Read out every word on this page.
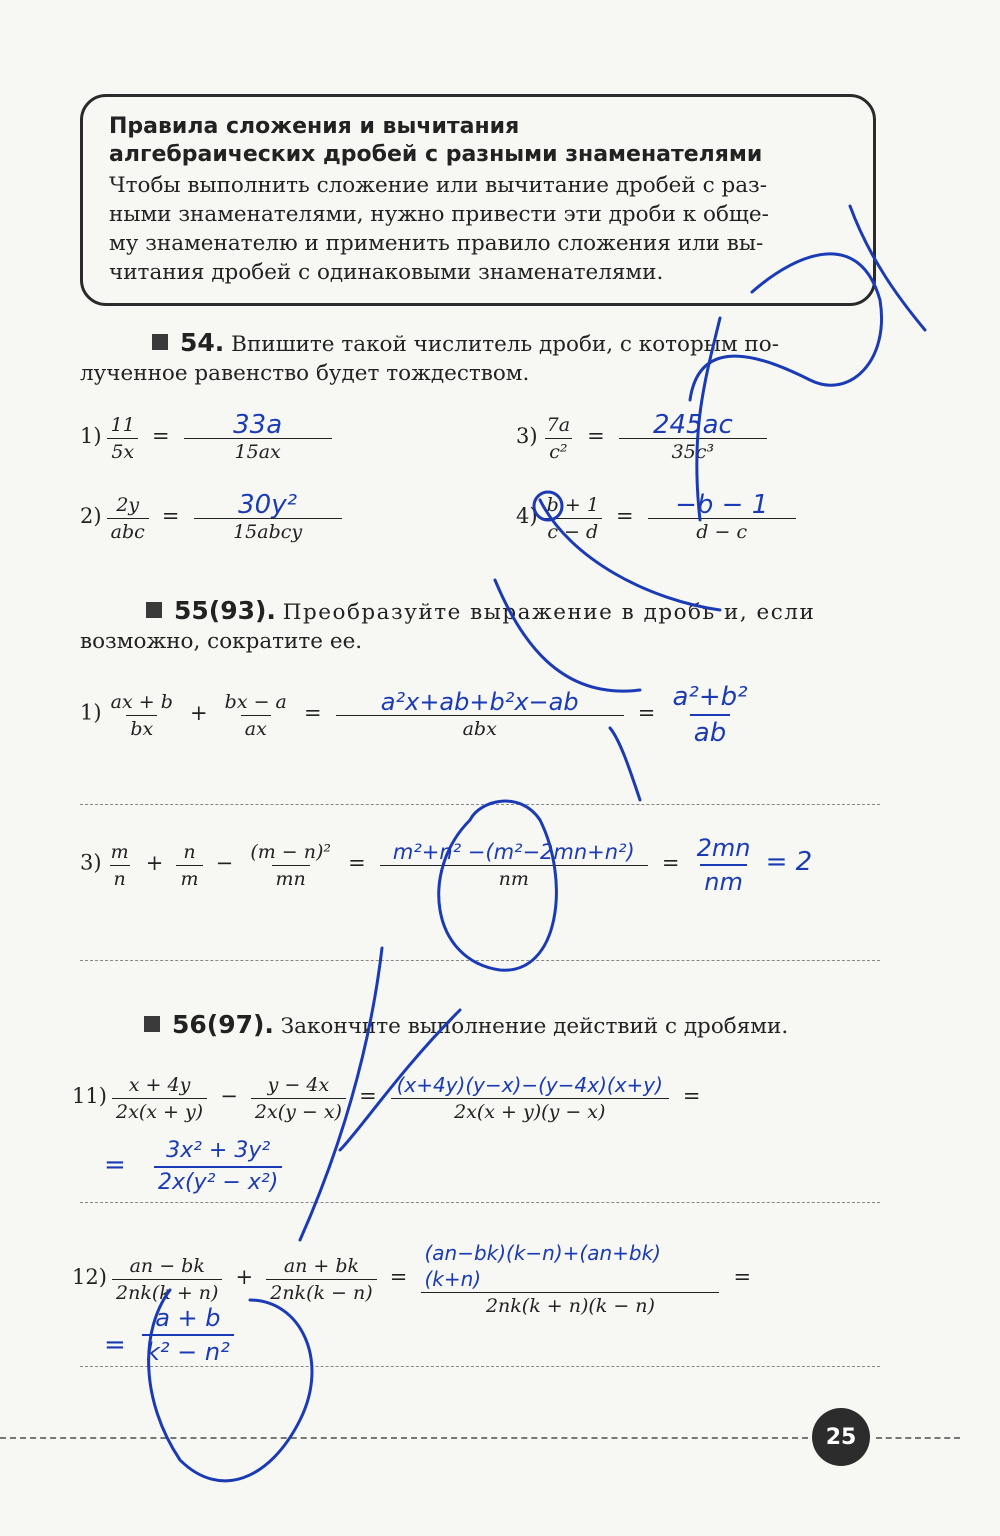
Правила сложения и вычитания

алгебраических дробей с разными знаменателями

Чтобы выполнить сложение или вычитание дробей с раз-

ными знаменателями, нужно привести эти дроби к обще-

му знаменателю и применить правило сложения или вы-

читания дробей с одинаковыми знаменателями.

54. Впишите такой числитель дроби, с которым по-
лученное равенство будет тождеством.
$1) \frac{11}{5x} = \frac{33a}{15ax}$	$3) \frac{7a}{\text{c²}} = \frac{245ac}{\text{35c³}}$
$2) \frac{2y}{\text{abc}} = \frac{\text{30y²}}{\text{15abcy}}$	$4) \frac{b + 1}{c - d} = \frac{-b - 1}{d - c}$
55(93). Преобразуйте выражение в дробь и, если
возможно, сократите ее.
$1) \frac{ax + b}{bx} + \frac{bx - a}{ax} = \frac{\text{a²x+ab+b²x−ab}}{\text{abx}} = \frac{\text{a²+b²}}{ab}$
$3) \frac{m}{n} + \frac{n}{m} - \frac{\text{(m − n)²}}{mn} = \frac{\text{m²+n² −(m²−2mn+n²)}}{nm} = \frac{2mn}{nm} = 2$
56(97). Закончите выполнение действий с дробями.
$11) \frac{x + 4y}{2x(x + y)} - \frac{y - 4x}{2x(y - x)} = \frac{(x+4y)(y-x)-(y-4x)(x+y)}{2x(x + y)(y - x)}$ =
= $\frac{\text{3x² + 3y²}}{\text{2x(y² − x²)}}$
$12) \frac{an - bk}{2nk(k + n)} + \frac{an + bk}{2nk(k - n)} = \frac{(an-bk)(k-n)+(an+bk)(k+n)}{2nk(k + n)(k - n)}$ =
= $\frac{a + b}{\text{k² − n²}}$
25
